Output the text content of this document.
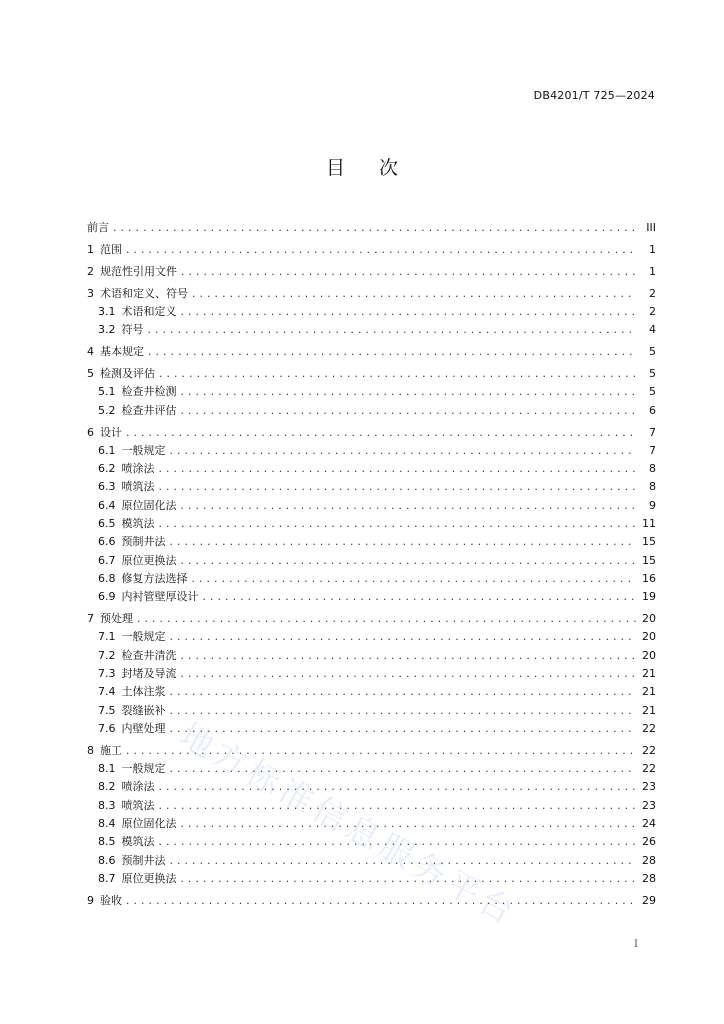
DB4201/T 725—2024
目 次
前言 .....	III
1 范围 .....	1
2 规范性引用文件 .....	1
3 术语和定义、符号 .....	2
3.1 术语和定义 .....	2
3.2 符号 .....	4
4 基本规定 .....	5
5 检测及评估 .....	5
5.1 检查井检测 .....	5
5.2 检查井评估 .....	6
6 设计 .....	7
6.1 一般规定 .....	7
6.2 喷涂法 .....	8
6.3 喷筑法 .....	8
6.4 原位固化法 .....	9
6.5 模筑法 .....	11
6.6 预制井法 .....	15
6.7 原位更换法 .....	15
6.8 修复方法选择 .....	16
6.9 内衬管壁厚设计 .....	19
7 预处理 .....	20
7.1 一般规定 .....	20
7.2 检查井清洗 .....	20
7.3 封堵及导流 .....	21
7.4 土体注浆 .....	21
7.5 裂缝嵌补 .....	21
7.6 内壁处理 .....	22
8 施工 .....	22
8.1 一般规定 .....	22
8.2 喷涂法 .....	23
8.3 喷筑法 .....	23
8.4 原位固化法 .....	24
8.5 模筑法 .....	26
8.6 预制井法 .....	28
8.7 原位更换法 .....	28
9 验收 .....	29
地方标准信息服务平台
I
